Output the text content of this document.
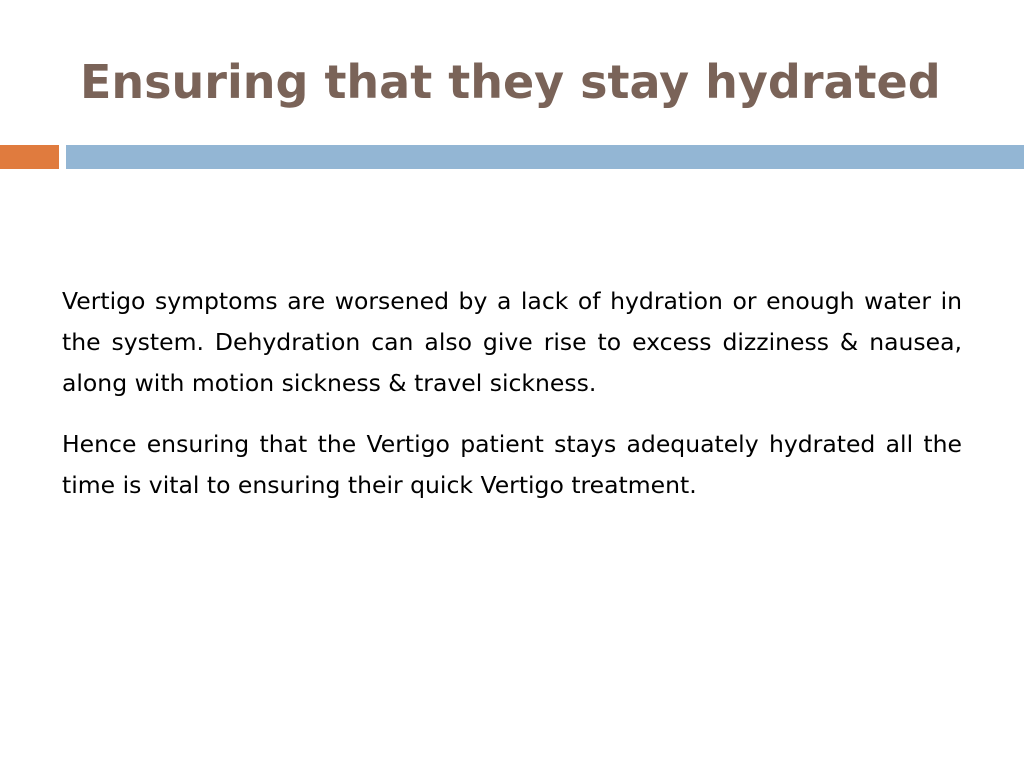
Ensuring that they stay hydrated

Vertigo symptoms are worsened by a lack of hydration or enough water in the system. Dehydration can also give rise to excess dizziness & nausea, along with motion sickness & travel sickness.

Hence ensuring that the Vertigo patient stays adequately hydrated all the time is vital to ensuring their quick Vertigo treatment.
